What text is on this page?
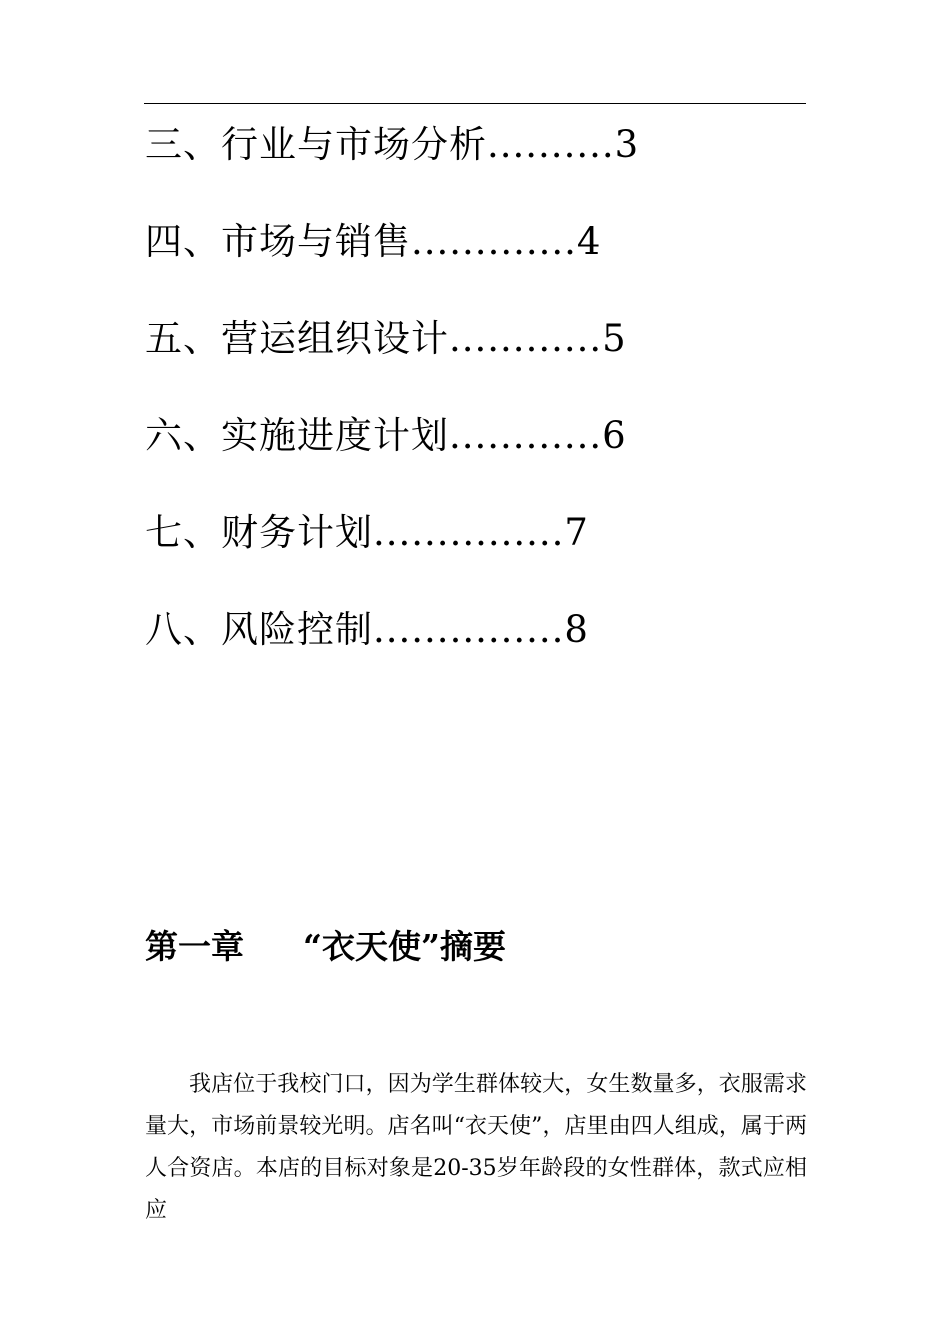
三、行业与市场分析..........3
四、市场与销售.............4
五、营运组织设计............5
六、实施进度计划............6
七、财务计划...............7
八、风险控制...............8
第一章 “衣天使”摘要

我店位于我校门口，因为学生群体较大，女生数量多，衣服需求量大，市场前景较光明。店名叫“衣天使”，店里由四人组成，属于两人合资店。本店的目标对象是20-35岁年龄段的女性群体，款式应相应
